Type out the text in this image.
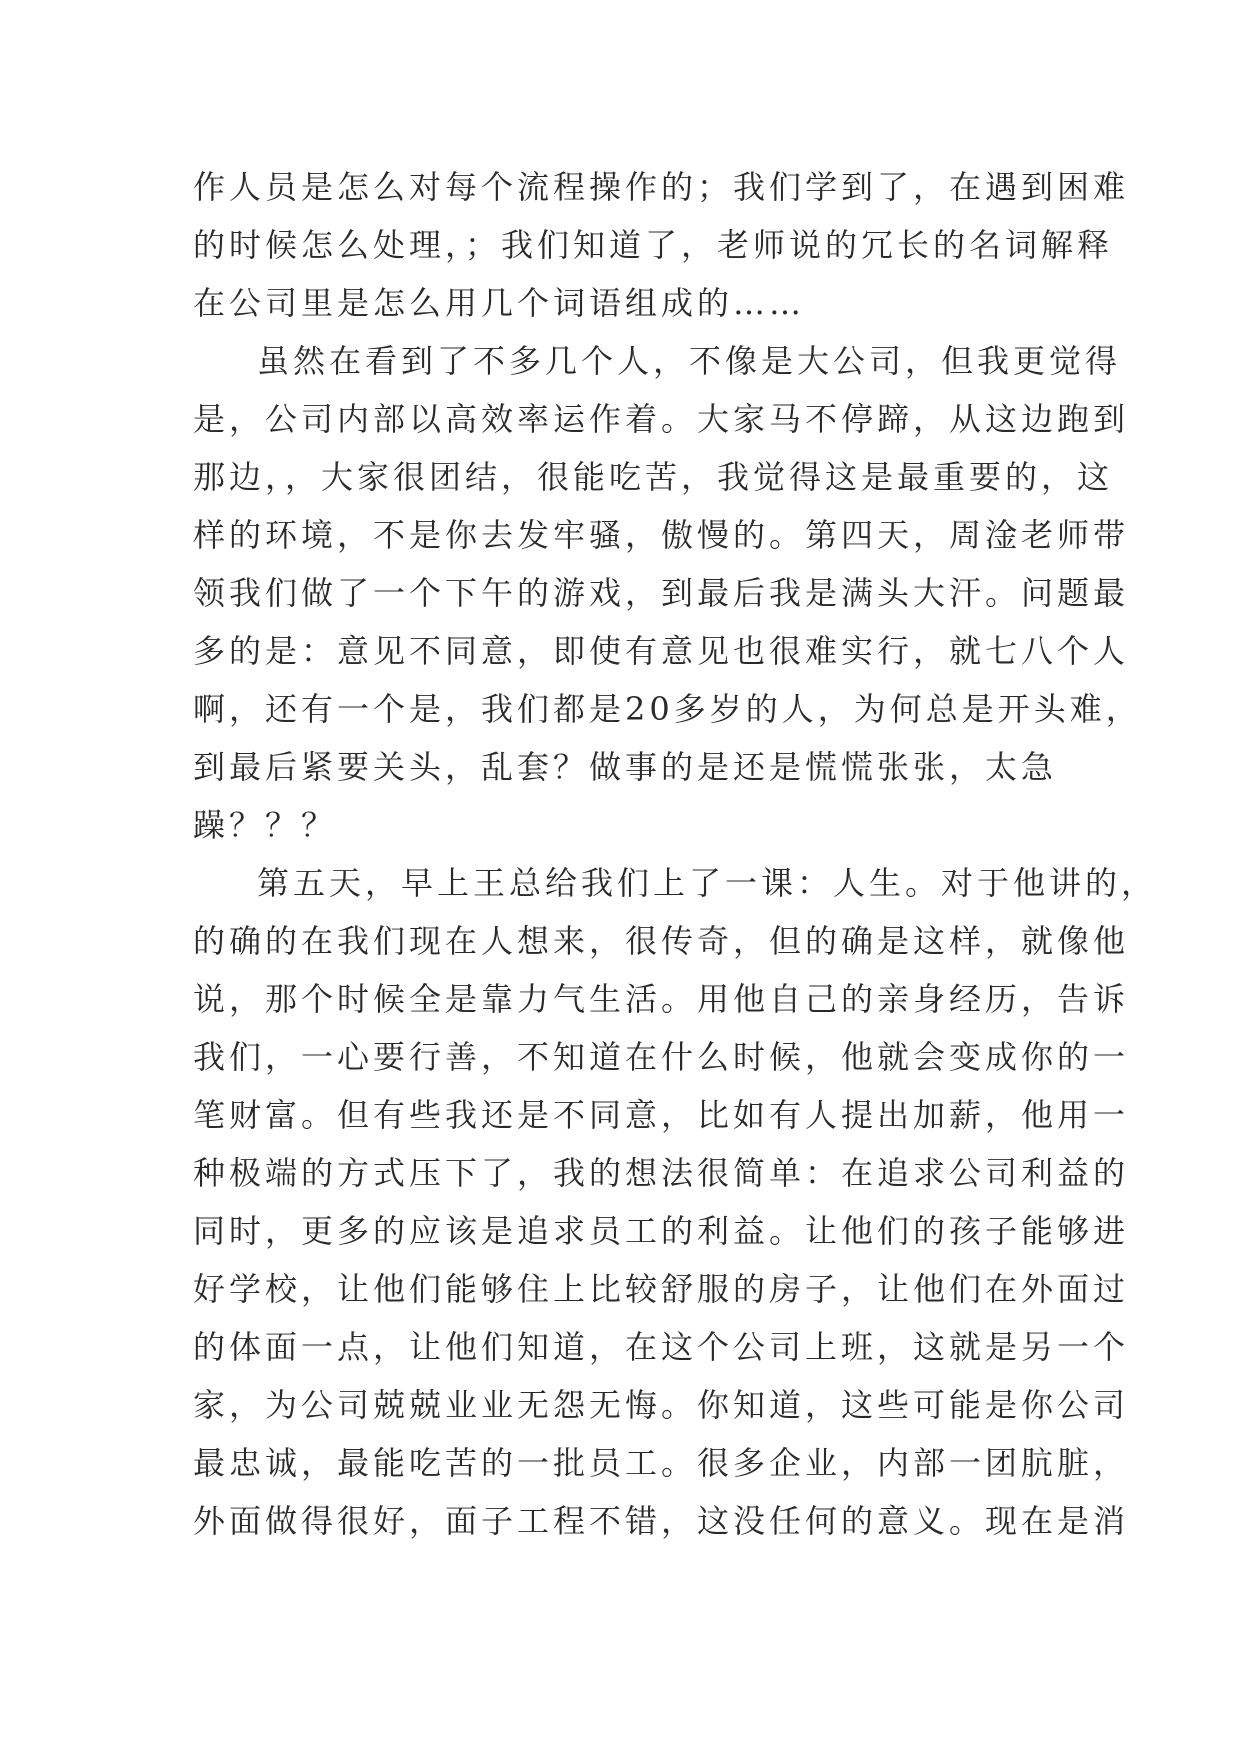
作人员是怎么对每个流程操作的；我们学到了，在遇到困难
的时候怎么处理，；我们知道了，老师说的冗长的名词解释
在公司里是怎么用几个词语组成的……
虽然在看到了不多几个人，不像是大公司，但我更觉得
是，公司内部以高效率运作着。大家马不停蹄，从这边跑到
那边，，大家很团结，很能吃苦，我觉得这是最重要的，这
样的环境，不是你去发牢骚，傲慢的。第四天，周淦老师带
领我们做了一个下午的游戏，到最后我是满头大汗。问题最
多的是：意见不同意，即使有意见也很难实行，就七八个人
啊，还有一个是，我们都是20多岁的人，为何总是开头难，
到最后紧要关头，乱套？做事的是还是慌慌张张，太急
躁？？？
第五天，早上王总给我们上了一课：人生。对于他讲的，
的确的在我们现在人想来，很传奇，但的确是这样，就像他
说，那个时候全是靠力气生活。用他自己的亲身经历，告诉
我们，一心要行善，不知道在什么时候，他就会变成你的一
笔财富。但有些我还是不同意，比如有人提出加薪，他用一
种极端的方式压下了，我的想法很简单：在追求公司利益的
同时，更多的应该是追求员工的利益。让他们的孩子能够进
好学校，让他们能够住上比较舒服的房子，让他们在外面过
的体面一点，让他们知道，在这个公司上班，这就是另一个
家，为公司兢兢业业无怨无悔。你知道，这些可能是你公司
最忠诚，最能吃苦的一批员工。很多企业，内部一团肮脏，
外面做得很好，面子工程不错，这没任何的意义。现在是消
